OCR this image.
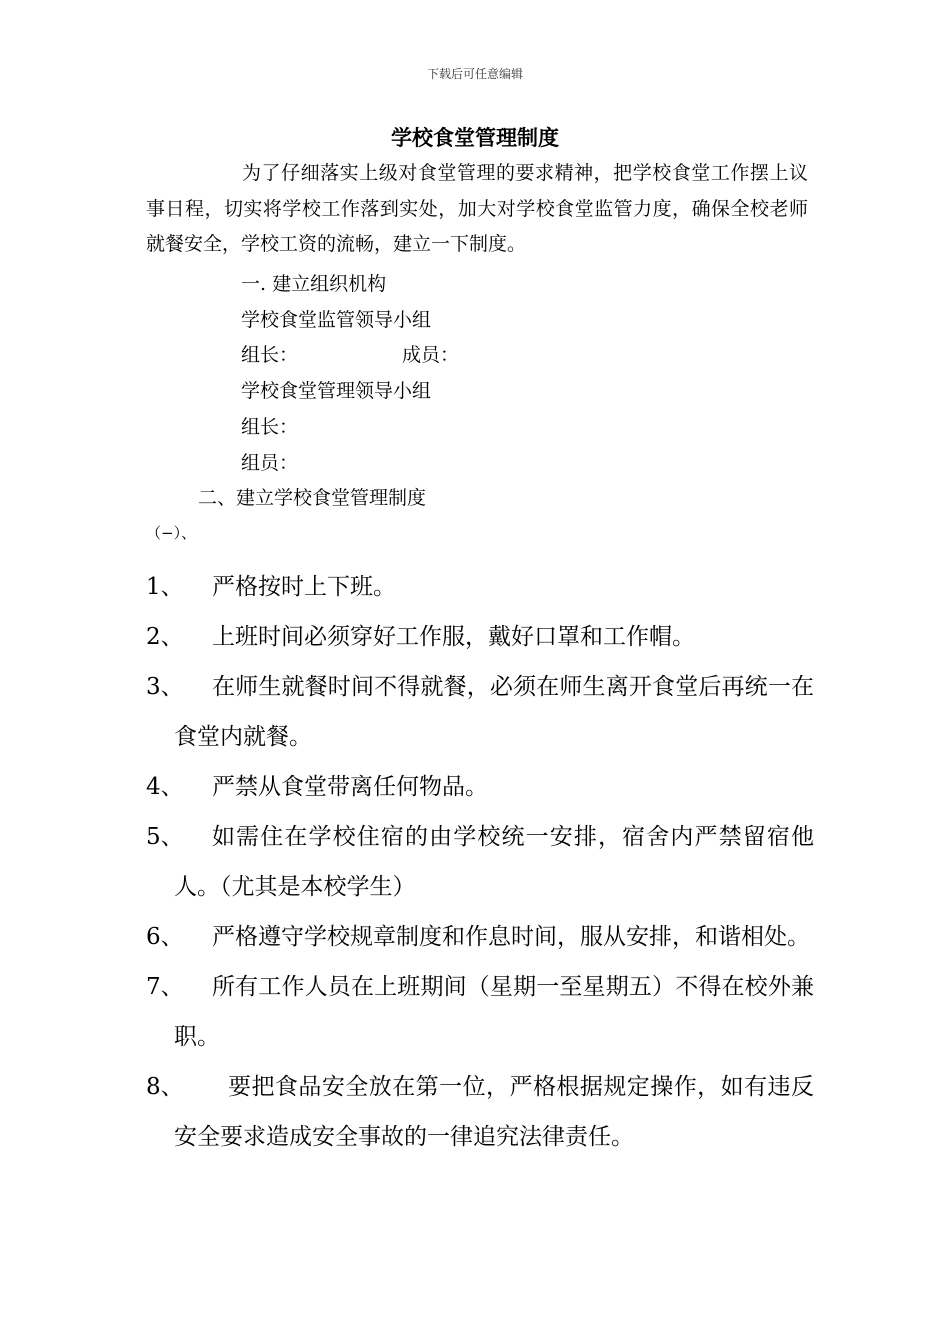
下载后可任意编辑
学校食堂管理制度

为了仔细落实上级对食堂管理的要求精神，把学校食堂工作摆上议事日程，切实将学校工作落到实处，加大对学校食堂监管力度，确保全校老师就餐安全，学校工资的流畅，建立一下制度。

一. 建立组织机构
学校食堂监管领导小组
组长：	成员：
学校食堂管理领导小组
组长：
组员：
二、建立学校食堂管理制度
（−）、
1、	严格按时上下班。
2、	上班时间必须穿好工作服，戴好口罩和工作帽。
3、	在师生就餐时间不得就餐，必须在师生离开食堂后再统一在食堂内就餐。
4、	严禁从食堂带离任何物品。
5、	如需住在学校住宿的由学校统一安排，宿舍内严禁留宿他人。（尤其是本校学生）
6、	严格遵守学校规章制度和作息时间，服从安排，和谐相处。
7、	所有工作人员在上班期间（星期一至星期五）不得在校外兼职。
8、	要把食品安全放在第一位，严格根据规定操作，如有违反安全要求造成安全事故的一律追究法律责任。
